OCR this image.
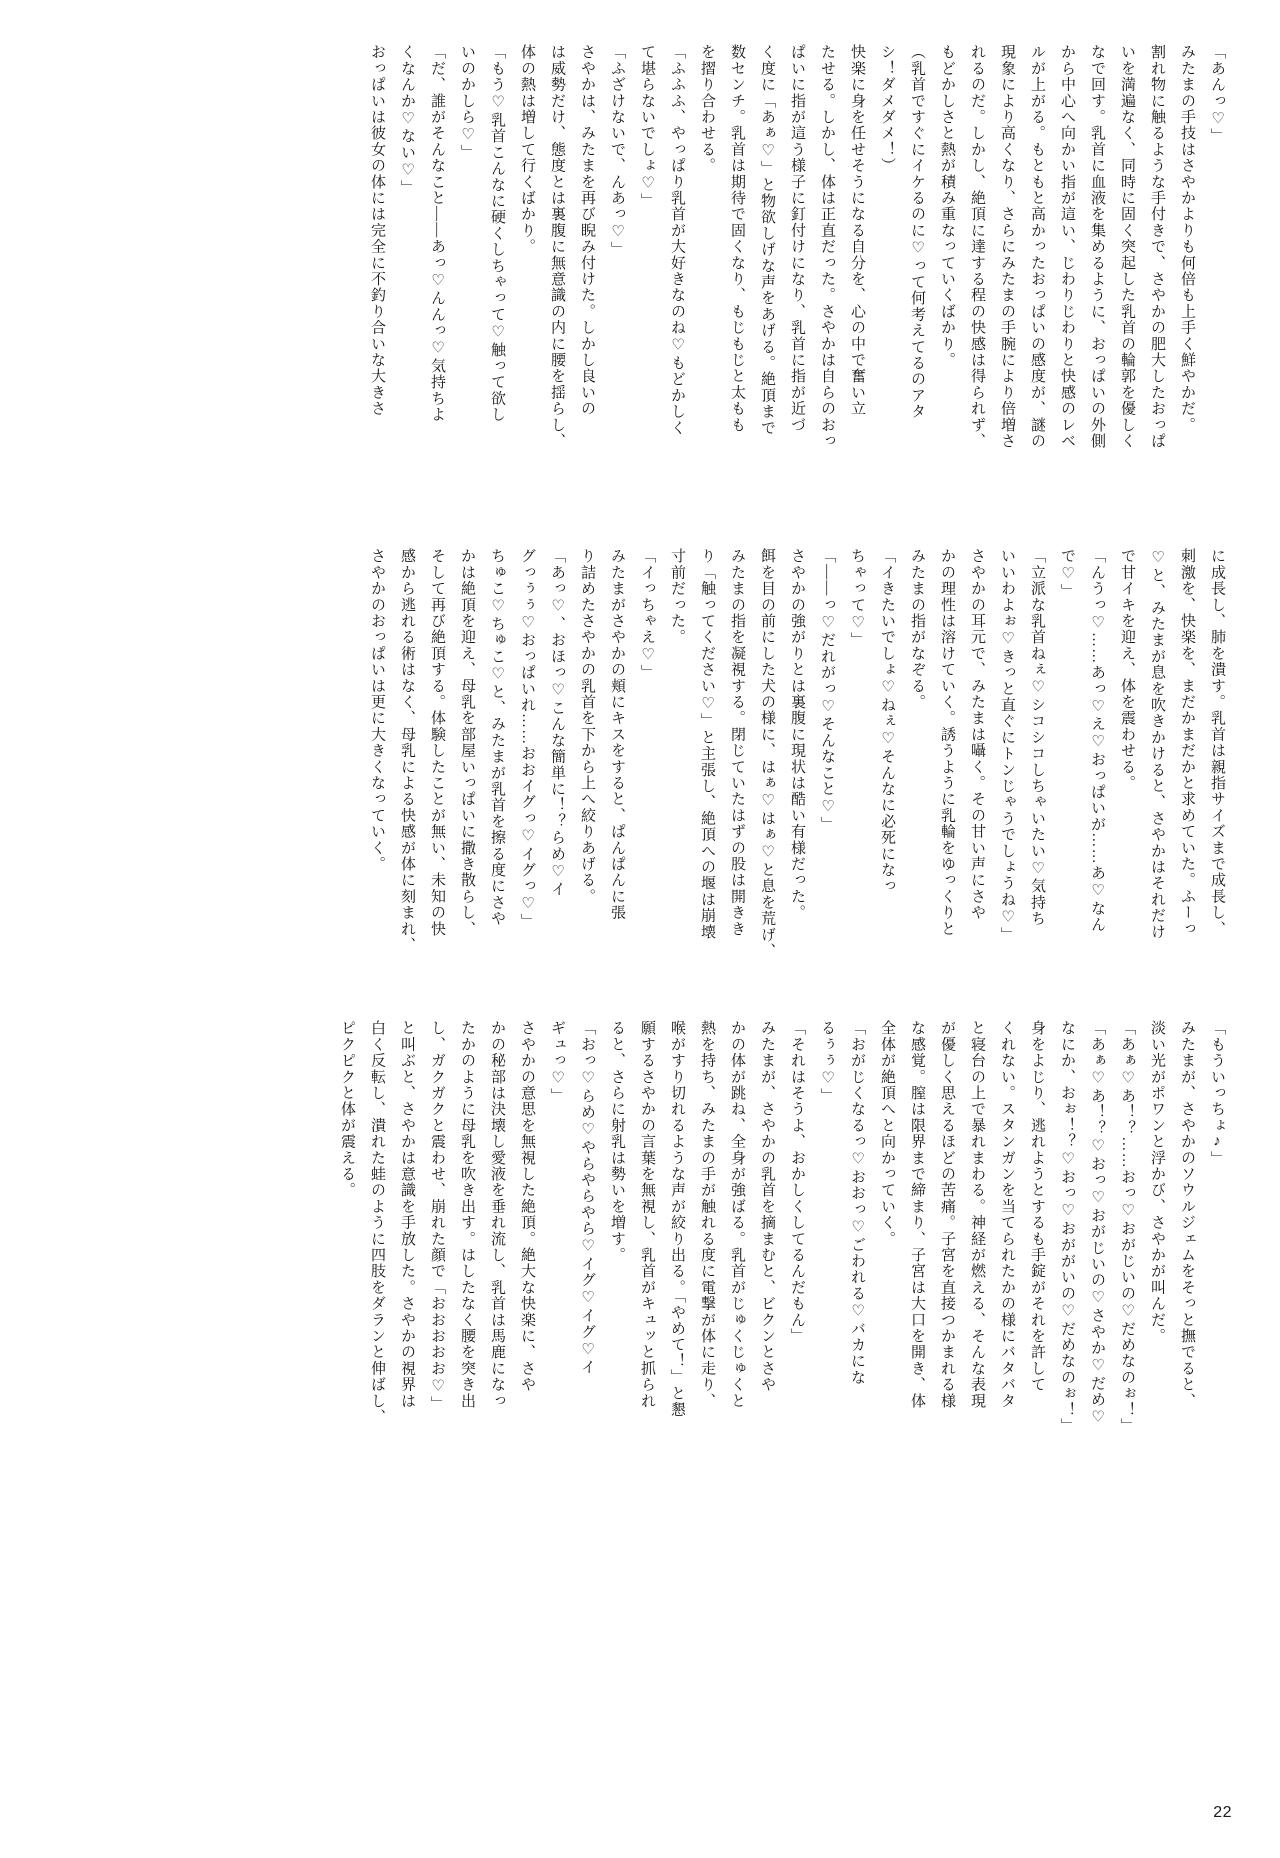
「あんっ♡」
みたまの手技はさやかよりも何倍も上手く鮮やかだ。
割れ物に触るような手付きで、さやかの肥大したおっぱ
いを満遍なく、同時に固く突起した乳首の輪郭を優しく
なで回す。乳首に血液を集めるように、おっぱいの外側
から中心へ向かい指が這い、じわりじわりと快感のレベ
ルが上がる。もともと高かったおっぱいの感度が、謎の
現象により高くなり、さらにみたまの手腕により倍増さ
れるのだ。しかし、絶頂に達する程の快感は得られず、
もどかしさと熱が積み重なっていくばかり。
（乳首ですぐにイケるのに♡って何考えてるのアタ
シ！ダメダメ！）
快楽に身を任せそうになる自分を、心の中で奮い立
たせる。しかし、体は正直だった。さやかは自らのおっ
ぱいに指が這う様子に釘付けになり、乳首に指が近づ
く度に「あぁ♡」と物欲しげな声をあげる。絶頂まで
数センチ。乳首は期待で固くなり、もじもじと太もも
を摺り合わせる。
「ふふふ、やっぱり乳首が大好きなのね♡もどかしく
て堪らないでしょ♡」
「ふざけないで、んあっ♡」
さやかは、みたまを再び睨み付けた。しかし良いの
は威勢だけ、態度とは裏腹に無意識の内に腰を揺らし、
体の熱は増して行くばかり。
「もう♡乳首こんなに硬くしちゃって♡触って欲し
いのかしら♡」
「だ、誰がそんなこと――あっ♡んんっ♡気持ちよ
くなんか♡ない♡」
おっぱいは彼女の体には完全に不釣り合いな大きさ
に成長し、肺を潰す。乳首は親指サイズまで成長し、
刺激を、快楽を、まだかまだかと求めていた。ふーっ
♡と、みたまが息を吹きかけると、さやかはそれだけ
で甘イキを迎え、体を震わせる。
「んうっ♡……あっ♡え♡おっぱいが……あ♡なん
で♡」
「立派な乳首ねぇ♡シコシコしちゃいたい♡気持ち
いいわよぉ♡きっと直ぐにトンじゃうでしょうね♡」
さやかの耳元で、みたまは囁く。その甘い声にさや
かの理性は溶けていく。誘うように乳輪をゆっくりと
みたまの指がなぞる。
「イきたいでしょ♡ねぇ♡そんなに必死になっ
ちゃって♡」
「――っ♡だれがっ♡そんなこと♡」
さやかの強がりとは裏腹に現状は酷い有様だった。
餌を目の前にした犬の様に、はぁ♡はぁ♡と息を荒げ、
みたまの指を凝視する。閉じていたはずの股は開きき
り「触ってください♡」と主張し、絶頂への堰は崩壊
寸前だった。
「イっちゃえ♡」
みたまがさやかの頬にキスをすると、ぱんぱんに張
り詰めたさやかの乳首を下から上へ絞りあげる。
「あっ♡、おほっ♡こんな簡単に！？らめ♡イ
グっぅぅ♡おっぱいれ……おおイグっ♡イグっ♡」
ちゅこ♡ちゅこ♡と、みたまが乳首を擦る度にさや
かは絶頂を迎え、母乳を部屋いっぱいに撒き散らし、
そして再び絶頂する。体験したことが無い、未知の快
感から逃れる術はなく、母乳による快感が体に刻まれ、
さやかのおっぱいは更に大きくなっていく。
「もういっちょ♪」
みたまが、さやかのソウルジェムをそっと撫でると、
淡い光がポワンと浮かび、さやかが叫んだ。
「あぁ♡あ！？……おっ♡おがじいの♡だめなのぉ！」
「あぁ♡あ！？♡おっ♡おがじいの♡さやか♡だめ♡
なにか、おぉ！？♡おっ♡おががいの♡だめなのぉ！」
身をよじり、逃れようとするも手錠がそれを許して
くれない。スタンガンを当てられたかの様にバタバタ
と寝台の上で暴れまわる。神経が燃える、そんな表現
が優しく思えるほどの苦痛。子宮を直接つかまれる様
な感覚。膣は限界まで締まり、子宮は大口を開き、体
全体が絶頂へと向かっていく。
「おがじくなるっ♡おおっ♡ごわれる♡バカにな
るぅぅ♡」
「それはそうよ、おかしくしてるんだもん」
みたまが、さやかの乳首を摘まむと、ビクンとさや
かの体が跳ね、全身が強ばる。乳首がじゅくじゅくと
熱を持ち、みたまの手が触れる度に電撃が体に走り、
喉がすり切れるような声が絞り出る。「やめて！」と懇
願するさやかの言葉を無視し、乳首がキュッと抓られ
ると、さらに射乳は勢いを増す。
「おっ♡らめ♡やらやらやら♡イグ♡イグ♡イ
ギュっ♡」
さやかの意思を無視した絶頂。絶大な快楽に、さや
かの秘部は決壊し愛液を垂れ流し、乳首は馬鹿になっ
たかのように母乳を吹き出す。はしたなく腰を突き出
し、ガクガクと震わせ、崩れた顔で「おおおおお♡」
と叫ぶと、さやかは意識を手放した。さやかの視界は
白く反転し、潰れた蛙のように四肢をダランと伸ばし、
ピクピクと体が震える。
22
